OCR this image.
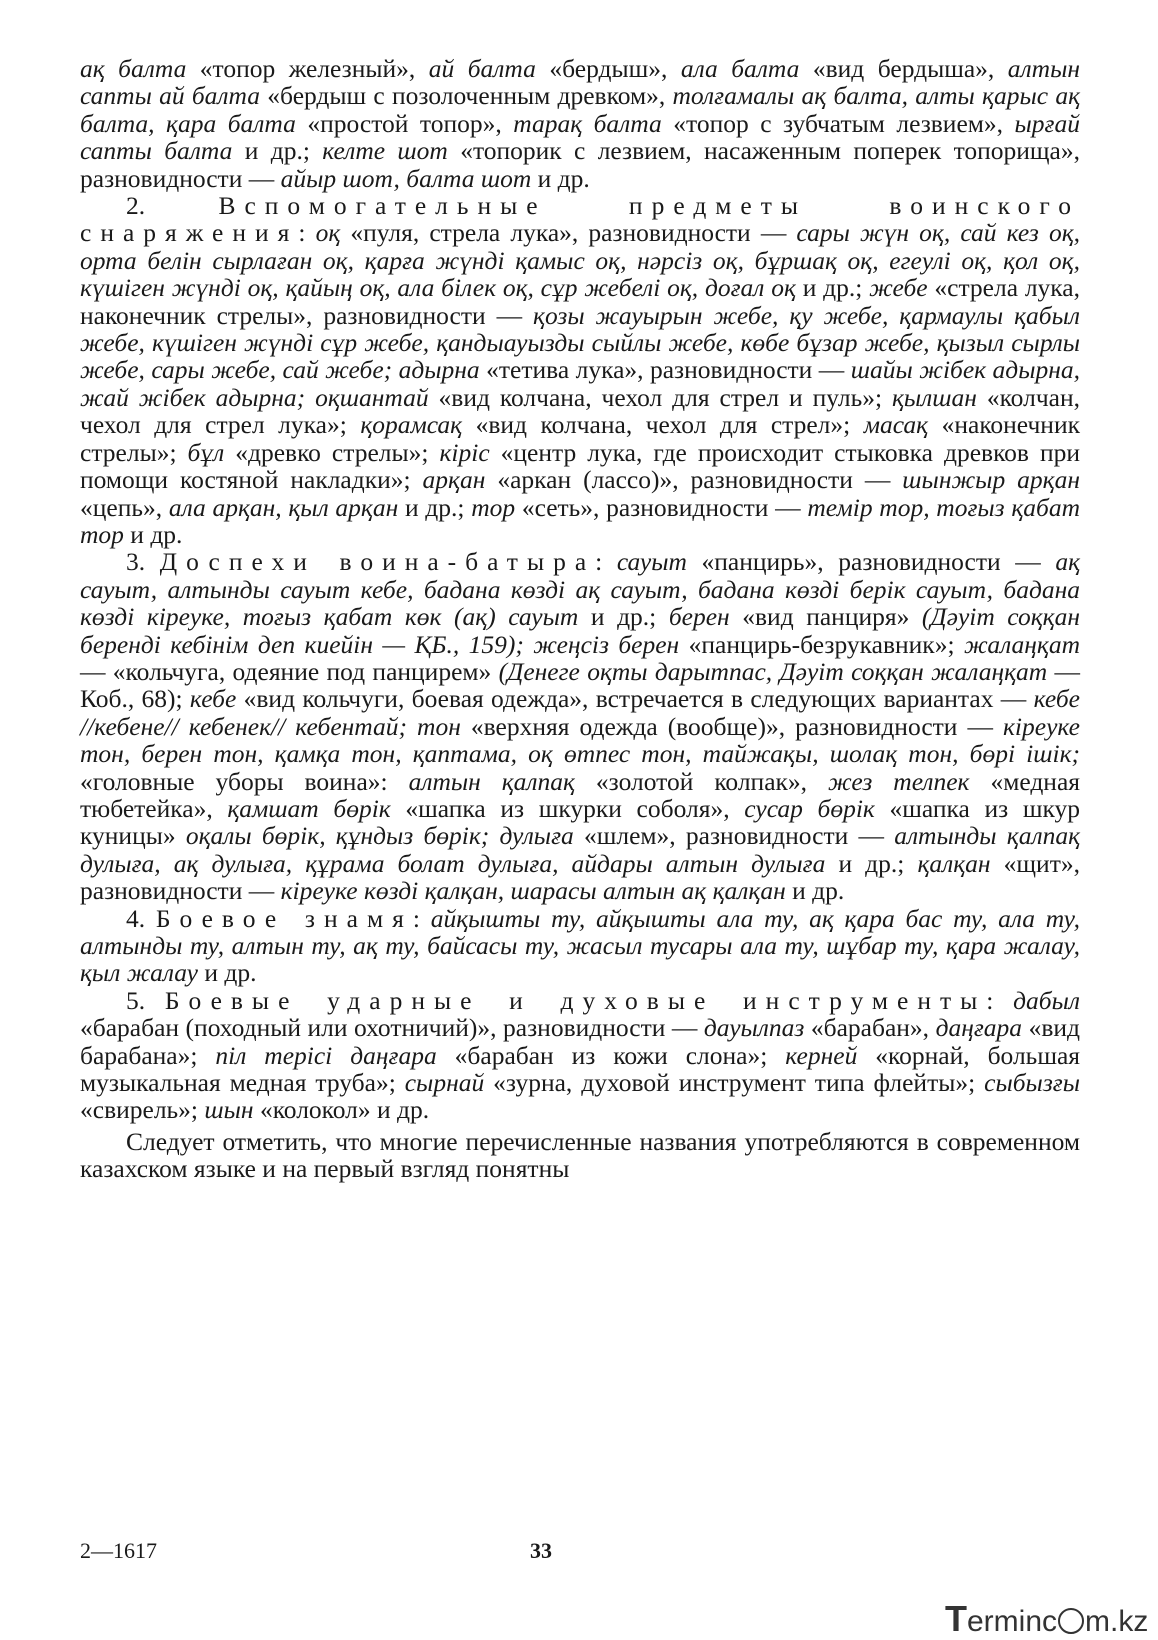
ақ балта «топор железный», ай балта «бердыш», ала балта «вид бердыша», алтын сапты ай балта «бердыш с позолоченным древком», толғамалы ақ балта, алты қарыс ақ балта, қара балта «простой топор», тарақ балта «топор с зубчатым лезвием», ырғай сапты балта и др.; келте шот «топорик с лезвием, насаженным поперек топорища», разновидности — айыр шот, балта шот и др.

2. Вспомогательные предметы воинского снаряжения: оқ «пуля, стрела лука», разновидности — сары жүн оқ, сай кез оқ, орта белін сырлаған оқ, қарға жүнді қамыс оқ, нәрсіз оқ, бұршақ оқ, егеулі оқ, қол оқ, күшіген жүнді оқ, қайың оқ, ала білек оқ, сұр жебелі оқ, доғал оқ и др.; жебе «стрела лука, наконечник стрелы», разновидности — қозы жауырын жебе, қу жебе, қармаулы қабыл жебе, күшіген жүнді сұр жебе, қандыауызды сыйлы жебе, көбе бұзар жебе, қызыл сырлы жебе, сары жебе, сай жебе; адырна «тетива лука», разновидности — шайы жібек адырна, жай жібек адырна; оқшантай «вид колчана, чехол для стрел и пуль»; қылшан «колчан, чехол для стрел лука»; қорамсақ «вид колчана, чехол для стрел»; масақ «наконечник стрелы»; бұл «древко стрелы»; кіріс «центр лука, где происходит стыковка древков при помощи костяной накладки»; арқан «аркан (лассо)», разновидности — шынжыр арқан «цепь», ала арқан, қыл арқан и др.; тор «сеть», разновидности — темір тор, тоғыз қабат тор и др.

3. Доспехи воина-батыра: сауыт «панцирь», разновидности — ақ сауыт, алтынды сауыт кебе, бадана көзді ақ сауыт, бадана көзді берік сауыт, бадана көзді кіреуке, тоғыз қабат көк (ақ) сауыт и др.; берен «вид панциря» (Дәуіт соққан берендi кебінім деп киейін — ҚБ., 159); жеңсіз берен «панцирь-безрукавник»; жалаңқат — «кольчуга, одеяние под панцирем» (Денеге оқты дарытпас, Дәуіт соққан жалаңқат — Коб., 68); кебе «вид кольчуги, боевая одежда», встречается в следующих вариантах — кебе //кебене// кебенек// кебентай; тон «верхняя одежда (вообще)», разновидности — кіреуке тон, берен тон, қамқа тон, қаптама, оқ өтпес тон, тайжақы, шолақ тон, бөрі ішік; «головные уборы воина»: алтын қалпақ «золотой колпак», жез телпек «медная тюбетейка», қамшат бөрік «шапка из шкурки соболя», сусар бөрік «шапка из шкур куницы» оқалы бөрік, құндыз бөрік; дулыға «шлем», разновидности — алтынды қалпақ дулыға, ақ дулыға, құрама болат дулыға, айдары алтын дулыға и др.; қалқан «щит», разновидности — кіреуке көзді қалқан, шарасы алтын ақ қалқан и др.

4. Боевое знамя: айқышты ту, айқышты ала ту, ақ қара бас ту, ала ту, алтынды ту, алтын ту, ақ ту, байсасы ту, жасыл тусары ала ту, шұбар ту, қара жалау, қыл жалау и др.

5. Боевые ударные и духовые инструменты: дабыл «барабан (походный или охотничий)», разновидности — дауылпаз «барабан», даңғара «вид барабана»; піл терісі даңғара «барабан из кожи слона»; керней «корнай, большая музыкальная медная труба»; сырнай «зурна, духовой инструмент типа флейты»; сыбызғы «свирель»; шын «колокол» и др.

Следует отметить, что многие перечисленные названия употребляются в современном казахском языке и на первый взгляд понятны

2—1617	33
T erminc m.kz
